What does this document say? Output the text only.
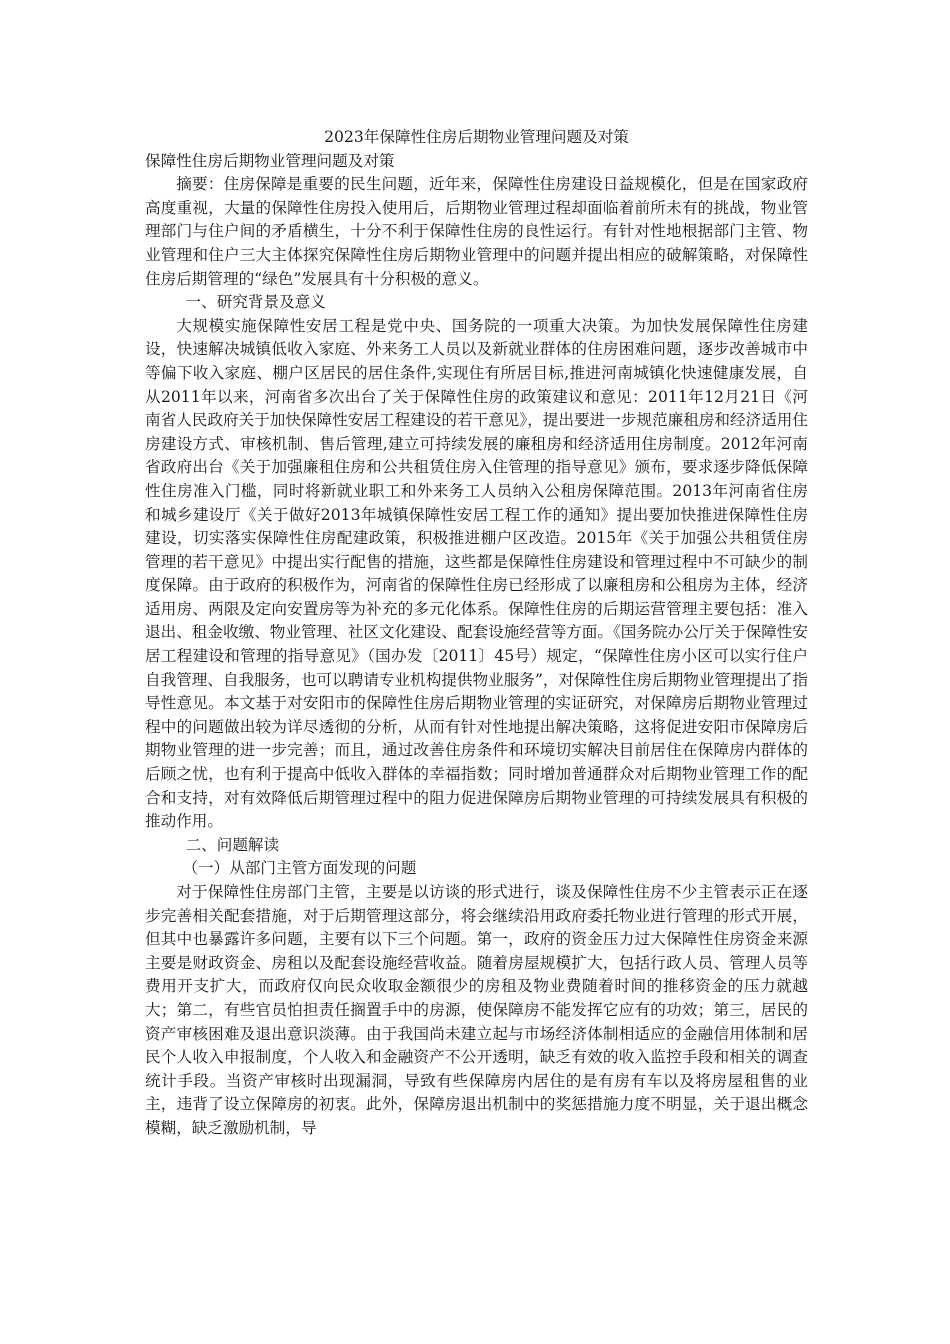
2023年保障性住房后期物业管理问题及对策
保障性住房后期物业管理问题及对策

摘要：住房保障是重要的民生问题，近年来，保障性住房建设日益规模化，但是在国家政府高度重视，大量的保障性住房投入使用后，后期物业管理过程却面临着前所未有的挑战，物业管理部门与住户间的矛盾横生，十分不利于保障性住房的良性运行。有针对性地根据部门主管、物业管理和住户三大主体探究保障性住房后期物业管理中的问题并提出相应的破解策略，对保障性住房后期管理的“绿色”发展具有十分积极的意义。

一、研究背景及意义

大规模实施保障性安居工程是党中央、国务院的一项重大决策。为加快发展保障性住房建设，快速解决城镇低收入家庭、外来务工人员以及新就业群体的住房困难问题，逐步改善城市中等偏下收入家庭、棚户区居民的居住条件,实现住有所居目标,推进河南城镇化快速健康发展，自从2011年以来，河南省多次出台了关于保障性住房的政策建议和意见：2011年12月21日《河南省人民政府关于加快保障性安居工程建设的若干意见》，提出要进一步规范廉租房和经济适用住房建设方式、审核机制、售后管理,建立可持续发展的廉租房和经济适用住房制度。2012年河南省政府出台《关于加强廉租住房和公共租赁住房入住管理的指导意见》颁布，要求逐步降低保障性住房准入门槛，同时将新就业职工和外来务工人员纳入公租房保障范围。2013年河南省住房和城乡建设厅《关于做好2013年城镇保障性安居工程工作的通知》提出要加快推进保障性住房建设，切实落实保障性住房配建政策，积极推进棚户区改造。2015年《关于加强公共租赁住房管理的若干意见》中提出实行配售的措施，这些都是保障性住房建设和管理过程中不可缺少的制度保障。由于政府的积极作为，河南省的保障性住房已经形成了以廉租房和公租房为主体，经济适用房、两限及定向安置房等为补充的多元化体系。保障性住房的后期运营管理主要包括：准入退出、租金收缴、物业管理、社区文化建设、配套设施经营等方面。《国务院办公厅关于保障性安居工程建设和管理的指导意见》（国办发〔2011〕45号）规定，“保障性住房小区可以实行住户自我管理、自我服务，也可以聘请专业机构提供物业服务”，对保障性住房后期物业管理提出了指导性意见。本文基于对安阳市的保障性住房后期物业管理的实证研究，对保障房后期物业管理过程中的问题做出较为详尽透彻的分析，从而有针对性地提出解决策略，这将促进安阳市保障房后期物业管理的进一步完善；而且，通过改善住房条件和环境切实解决目前居住在保障房内群体的后顾之忧，也有利于提高中低收入群体的幸福指数；同时增加普通群众对后期物业管理工作的配合和支持，对有效降低后期管理过程中的阻力促进保障房后期物业管理的可持续发展具有积极的推动作用。

二、问题解读
（一）从部门主管方面发现的问题

对于保障性住房部门主管，主要是以访谈的形式进行，谈及保障性住房不少主管表示正在逐步完善相关配套措施，对于后期管理这部分，将会继续沿用政府委托物业进行管理的形式开展，但其中也暴露许多问题，主要有以下三个问题。第一，政府的资金压力过大保障性住房资金来源主要是财政资金、房租以及配套设施经营收益。随着房屋规模扩大，包括行政人员、管理人员等费用开支扩大，而政府仅向民众收取金额很少的房租及物业费随着时间的推移资金的压力就越大；第二，有些官员怕担责任搁置手中的房源，使保障房不能发挥它应有的功效；第三，居民的资产审核困难及退出意识淡薄。由于我国尚未建立起与市场经济体制相适应的金融信用体制和居民个人收入申报制度，个人收入和金融资产不公开透明，缺乏有效的收入监控手段和相关的调查统计手段。当资产审核时出现漏洞，导致有些保障房内居住的是有房有车以及将房屋租售的业主，违背了设立保障房的初衷。此外，保障房退出机制中的奖惩措施力度不明显，关于退出概念模糊，缺乏激励机制，导
